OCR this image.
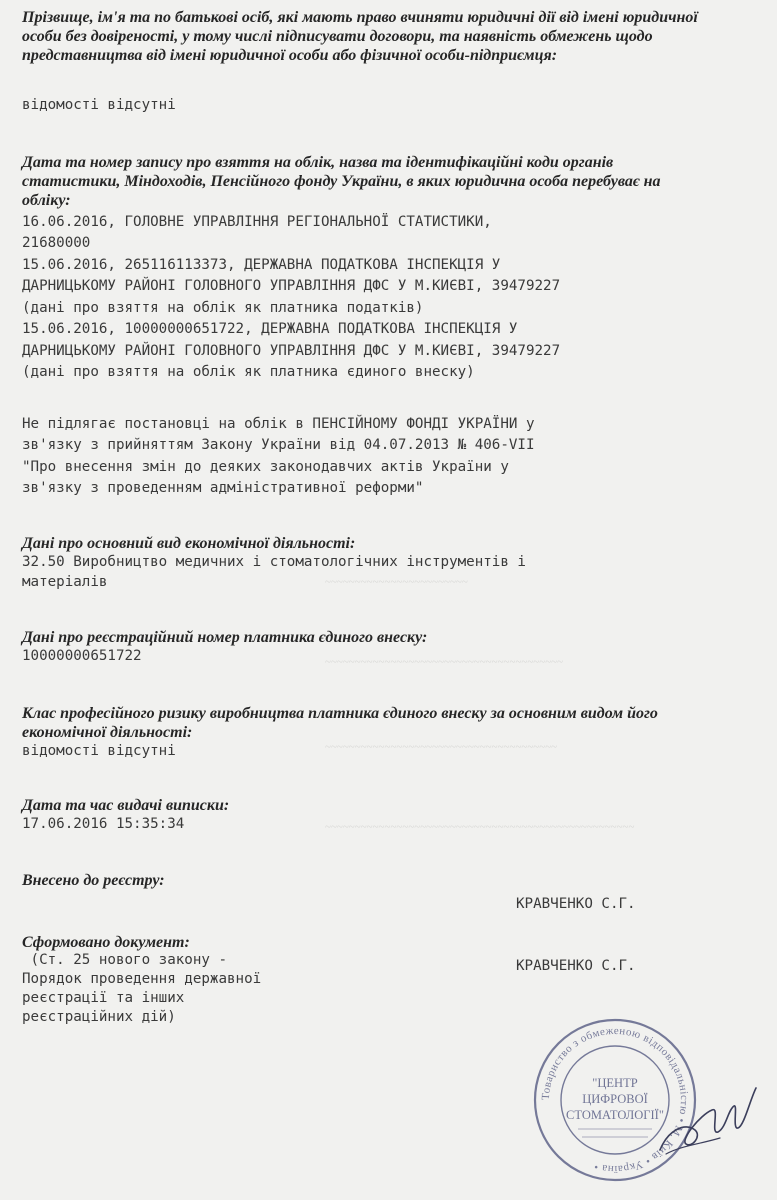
~~~~~~~~~~~~~~~~~~~~~~~~
~~~~~~~~~~~~~~~~~~~~~~~~~~~~~~~~~~~~~~~~
~~~~~~~~~~~~~~~~~~~~~~~~~~~~~~~~~~~~~~~
~~~~~~~~~~~~~~~~~~~~~~~~~~~~~~~~~~~~~~~~~~~~~~~~~~~~
Прізвище, ім'я та по батькові осіб, які мають право вчиняти юридичні дії від імені юридичної особи без довіреності, у тому числі підписувати договори, та наявність обмежень щодо представництва від імені юридичної особи або фізичної особи-підприємця:
відомості відсутні
Дата та номер запису про взяття на облік, назва та ідентифікаційні коди органів статистики, Міндоходів, Пенсійного фонду України, в яких юридична особа перебуває на обліку:
16.06.2016, ГОЛОВНЕ УПРАВЛІННЯ РЕГІОНАЛЬНОЇ СТАТИСТИКИ,
21680000
15.06.2016, 265116113373, ДЕРЖАВНА ПОДАТКОВА ІНСПЕКЦІЯ У
ДАРНИЦЬКОМУ РАЙОНІ ГОЛОВНОГО УПРАВЛІННЯ ДФС У М.КИЄВІ, 39479227
(дані про взяття на облік як платника податків)
15.06.2016, 10000000651722, ДЕРЖАВНА ПОДАТКОВА ІНСПЕКЦІЯ У
ДАРНИЦЬКОМУ РАЙОНІ ГОЛОВНОГО УПРАВЛІННЯ ДФС У М.КИЄВІ, 39479227
(дані про взяття на облік як платника єдиного внеску)
Не підлягає постановці на облік в ПЕНСІЙНОМУ ФОНДІ УКРАЇНИ у
зв'язку з прийняттям Закону України від 04.07.2013 № 406-VII
"Про внесення змін до деяких законодавчих актів України у
зв'язку з проведенням адміністративної реформи"
Дані про основний вид економічної діяльності:
32.50 Виробництво медичних і стоматологічних інструментів і
матеріалів
Дані про реєстраційний номер платника єдиного внеску:
10000000651722
Клас професійного ризику виробництва платника єдиного внеску за основним видом його економічної діяльності:
відомості відсутні
Дата та час видачі виписки:
17.06.2016 15:35:34
Внесено до реєстру:
КРАВЧЕНКО С.Г.
Сформовано документ:
(Ст. 25 нового закону -
Порядок проведення державної
реєстрації та інших
реєстраційних дій)
КРАВЧЕНКО С.Г.
Товариство з обмеженою відповідальністю • М. Київ • Україна •
"ЦЕНТР
ЦИФРОВОЇ
СТОМАТОЛОГІЇ"
